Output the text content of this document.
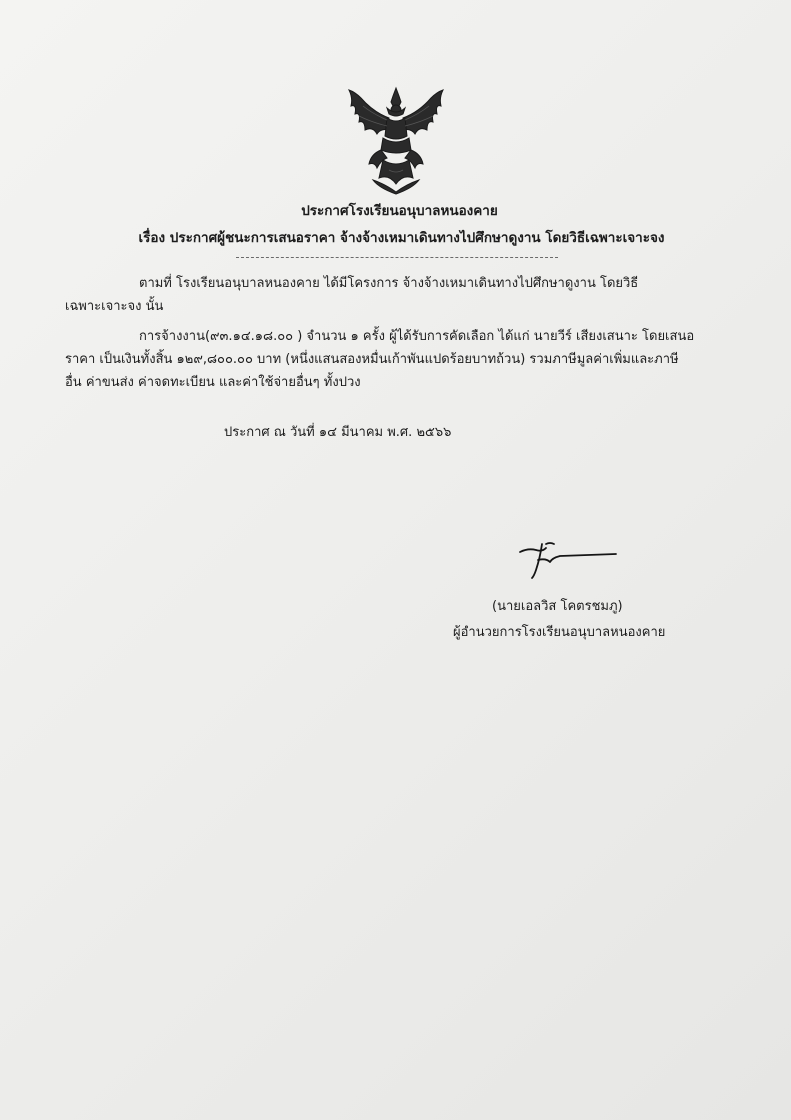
ประกาศโรงเรียนอนุบาลหนองคาย
เรื่อง ประกาศผู้ชนะการเสนอราคา จ้างจ้างเหมาเดินทางไปศึกษาดูงาน โดยวิธีเฉพาะเจาะจง
ตามที่ โรงเรียนอนุบาลหนองคาย ได้มีโครงการ จ้างจ้างเหมาเดินทางไปศึกษาดูงาน โดยวิธี
เฉพาะเจาะจง นั้น
การจ้างงาน(๙๓.๑๔.๑๘.๐๐ ) จำนวน ๑ ครั้ง ผู้ได้รับการคัดเลือก ได้แก่ นายวีร์ เสียงเสนาะ โดยเสนอ
ราคา เป็นเงินทั้งสิ้น ๑๒๙,๘๐๐.๐๐ บาท (หนึ่งแสนสองหมื่นเก้าพันแปดร้อยบาทถ้วน) รวมภาษีมูลค่าเพิ่มและภาษี
อื่น ค่าขนส่ง ค่าจดทะเบียน และค่าใช้จ่ายอื่นๆ ทั้งปวง
ประกาศ ณ วันที่ ๑๔ มีนาคม พ.ศ. ๒๕๖๖
(นายเอลวิส โคตรชมภู)
ผู้อำนวยการโรงเรียนอนุบาลหนองคาย
